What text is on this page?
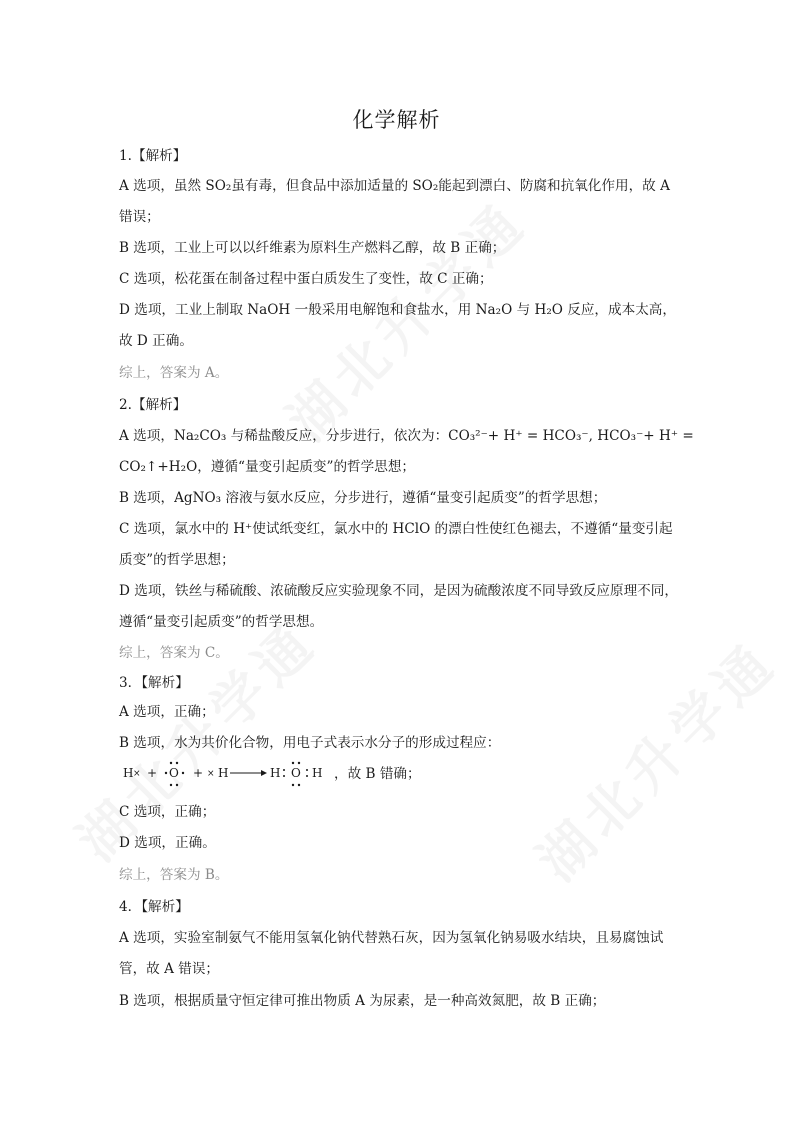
化学解析
1.【解析】
A 选项，虽然 SO₂虽有毒，但食品中添加适量的 SO₂能起到漂白、防腐和抗氧化作用，故 A
错误；
B 选项，工业上可以以纤维素为原料生产燃料乙醇，故 B 正确；
C 选项，松花蛋在制备过程中蛋白质发生了变性，故 C 正确；
D 选项，工业上制取 NaOH 一般采用电解饱和食盐水，用 Na₂O 与 H₂O 反应，成本太高，
故 D 正确。
综上，答案为 A。
2.【解析】
A 选项，Na₂CO₃ 与稀盐酸反应，分步进行，依次为：CO₃²⁻+ H⁺ = HCO₃⁻, HCO₃⁻+ H⁺ =
CO₂↑+H₂O，遵循“量变引起质变”的哲学思想；
B 选项，AgNO₃ 溶液与氨水反应，分步进行，遵循“量变引起质变”的哲学思想；
C 选项，氯水中的 H⁺使试纸变红，氯水中的 HClO 的漂白性使红色褪去，不遵循“量变引起
质变”的哲学思想；
D 选项，铁丝与稀硫酸、浓硫酸反应实验现象不同，是因为硫酸浓度不同导致反应原理不同，
遵循“量变引起质变”的哲学思想。
综上，答案为 C。
3．【解析】
A 选项，正确；
B 选项，水为共价化合物，用电子式表示水分子的形成过程应：
H × + O + × H	H O H ，故 B 错确；
C 选项，正确；
D 选项，正确。
综上，答案为 B。
4．【解析】
A 选项，实验室制氨气不能用氢氧化钠代替熟石灰，因为氢氧化钠易吸水结块，且易腐蚀试
管，故 A 错误；
B 选项，根据质量守恒定律可推出物质 A 为尿素，是一种高效氮肥，故 B 正确；
